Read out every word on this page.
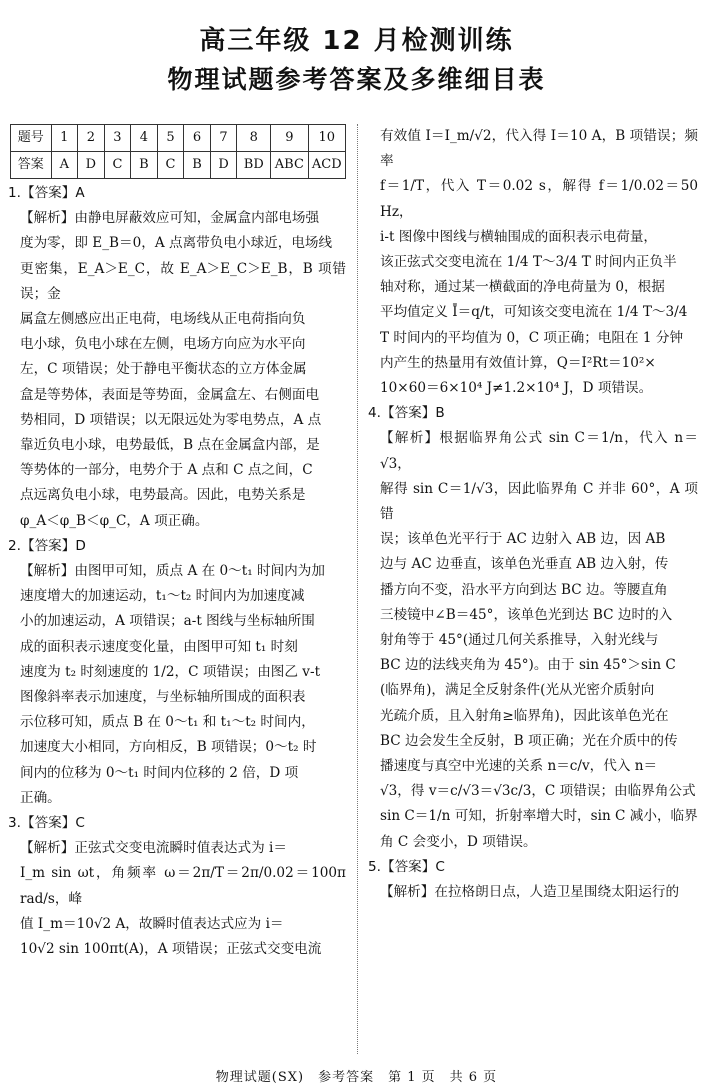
高三年级 12 月检测训练
物理试题参考答案及多维细目表
题号	1	2	3	4	5	6	7	8	9	10
答案	A	D	C	B	C	B	D	BD	ABC	ACD

1.【答案】A

【解析】由静电屏蔽效应可知，金属盒内部电场强

度为零，即 E_B＝0，A 点离带负电小球近，电场线

更密集，E_A＞E_C，故 E_A＞E_C＞E_B，B 项错误；金

属盒左侧感应出正电荷，电场线从正电荷指向负

电小球，负电小球在左侧，电场方向应为水平向

左，C 项错误；处于静电平衡状态的立方体金属

盒是等势体，表面是等势面，金属盒左、右侧面电

势相同，D 项错误；以无限远处为零电势点，A 点

靠近负电小球，电势最低，B 点在金属盒内部，是

等势体的一部分，电势介于 A 点和 C 点之间，C

点远离负电小球，电势最高。因此，电势关系是

φ_A＜φ_B＜φ_C，A 项正确。

2.【答案】D

【解析】由图甲可知，质点 A 在 0～t₁ 时间内为加

速度增大的加速运动，t₁～t₂ 时间内为加速度减

小的加速运动，A 项错误；a-t 图线与坐标轴所围

成的面积表示速度变化量，由图甲可知 t₁ 时刻

速度为 t₂ 时刻速度的 1/2，C 项错误；由图乙 v-t

图像斜率表示加速度，与坐标轴所围成的面积表

示位移可知，质点 B 在 0～t₁ 和 t₁～t₂ 时间内，

加速度大小相同，方向相反，B 项错误；0～t₂ 时

间内的位移为 0～t₁ 时间内位移的 2 倍，D 项

正确。

3.【答案】C

【解析】正弦式交变电流瞬时值表达式为 i＝

I_m sin ωt，角频率 ω＝2π/T＝2π/0.02＝100π rad/s，峰

值 I_m＝10√2 A，故瞬时值表达式应为 i＝

10√2 sin 100πt(A)，A 项错误；正弦式交变电流

有效值 I＝I_m/√2，代入得 I＝10 A，B 项错误；频率

f＝1/T，代入 T＝0.02 s，解得 f＝1/0.02＝50 Hz，

i-t 图像中图线与横轴围成的面积表示电荷量，

该正弦式交变电流在 1/4 T～3/4 T 时间内正负半

轴对称，通过某一横截面的净电荷量为 0，根据

平均值定义 Ī＝q/t，可知该交变电流在 1/4 T～3/4

T 时间内的平均值为 0，C 项正确；电阻在 1 分钟

内产生的热量用有效值计算，Q＝I²Rt＝10²×

10×60＝6×10⁴ J≠1.2×10⁴ J，D 项错误。

4.【答案】B

【解析】根据临界角公式 sin C＝1/n，代入 n＝√3，

解得 sin C＝1/√3，因此临界角 C 并非 60°，A 项错

误；该单色光平行于 AC 边射入 AB 边，因 AB

边与 AC 边垂直，该单色光垂直 AB 边入射，传

播方向不变，沿水平方向到达 BC 边。等腰直角

三棱镜中∠B＝45°，该单色光到达 BC 边时的入

射角等于 45°(通过几何关系推导，入射光线与

BC 边的法线夹角为 45°)。由于 sin 45°＞sin C

(临界角)，满足全反射条件(光从光密介质射向

光疏介质，且入射角≥临界角)，因此该单色光在

BC 边会发生全反射，B 项正确；光在介质中的传

播速度与真空中光速的关系 n＝c/v，代入 n＝

√3，得 v＝c/√3＝√3c/3，C 项错误；由临界角公式

sin C＝1/n 可知，折射率增大时，sin C 减小，临界

角 C 会变小，D 项错误。

5.【答案】C

【解析】在拉格朗日点，人造卫星围绕太阳运行的

物理试题(SX)　参考答案　第 1 页　共 6 页
